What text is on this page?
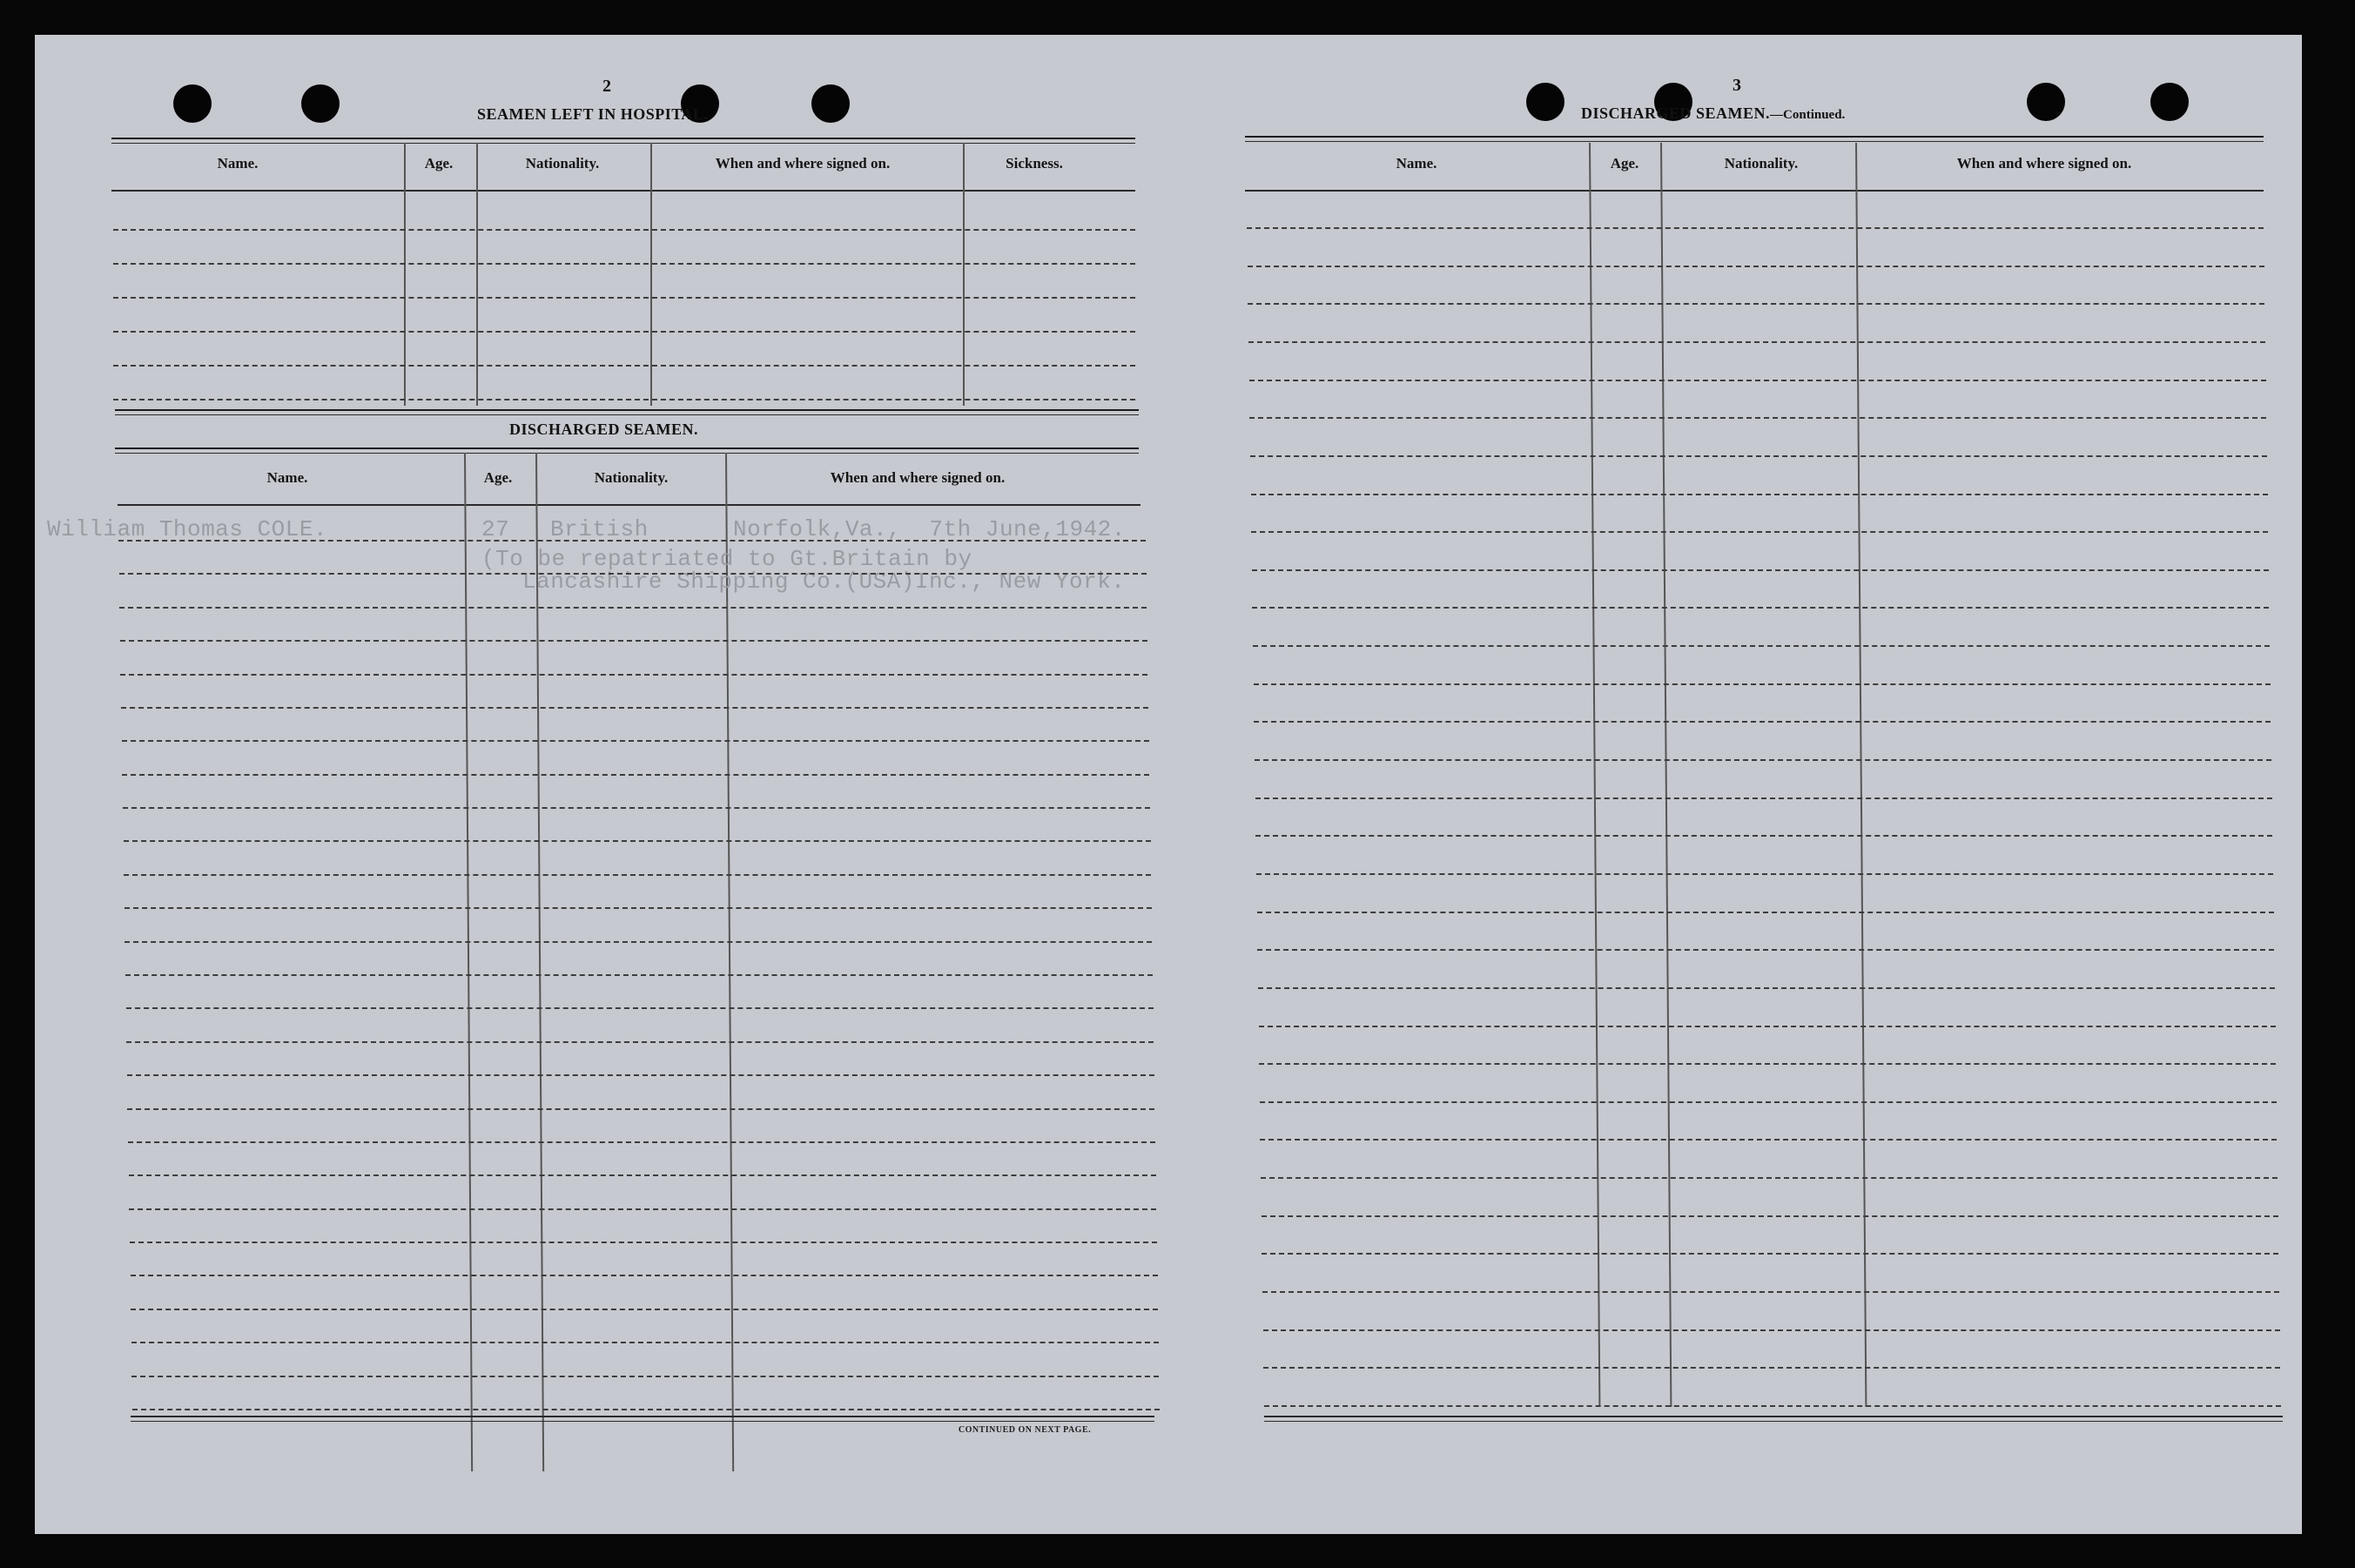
2
SEAMEN LEFT IN HOSPITAL.
Name.	Age.	Nationality.	When and where signed on.	Sickness.
DISCHARGED SEAMEN.
Name.	Age.	Nationality.	When and where signed on.
William Thomas COLE.	27 British	Norfolk,Va.,  7th June,1942.
(To be repatriated to Gt.Britain by
Lancashire Shipping Co.(USA)Inc., New York.
CONTINUED ON NEXT PAGE.
3
DISCHARGED SEAMEN.—Continued.
Name.	Age.	Nationality.	When and where signed on.
